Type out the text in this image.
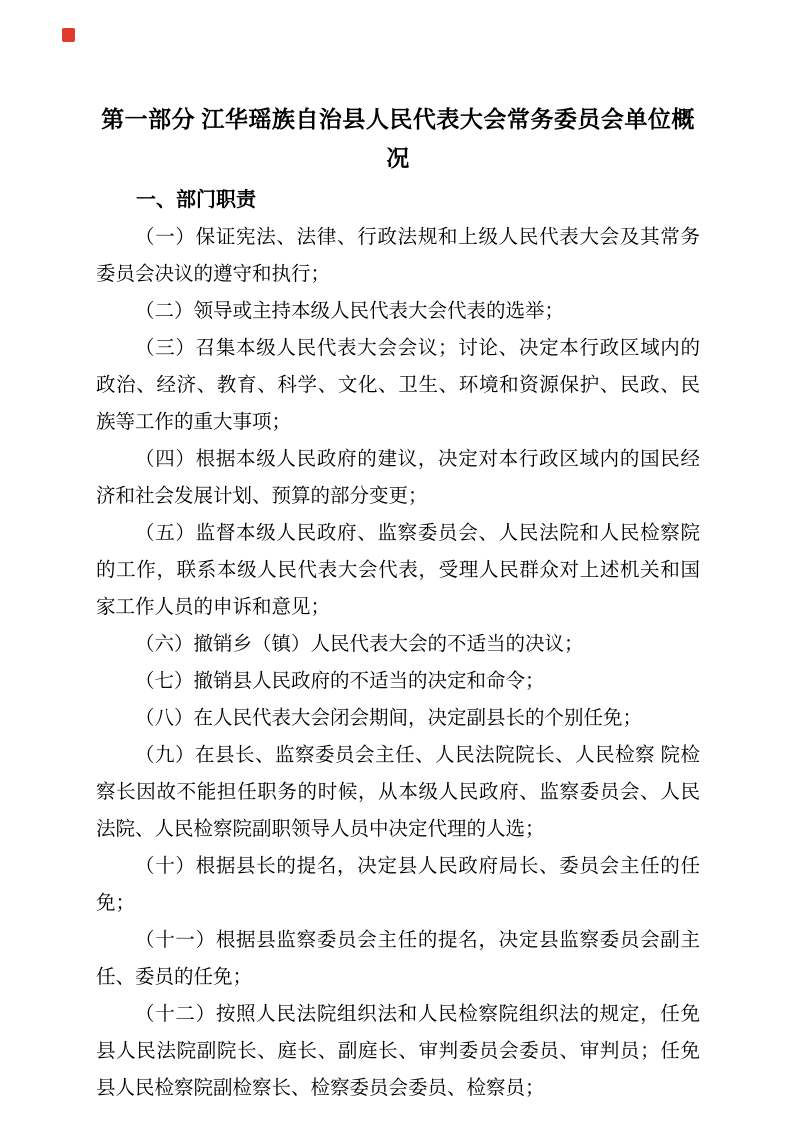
第一部分 江华瑶族自治县人民代表大会常务委员会单位概况
一、部门职责

（一）保证宪法、法律、行政法规和上级人民代表大会及其常务委员会决议的遵守和执行；

（二）领导或主持本级人民代表大会代表的选举；

（三）召集本级人民代表大会会议；讨论、决定本行政区域内的政治、经济、教育、科学、文化、卫生、环境和资源保护、民政、民族等工作的重大事项；

（四）根据本级人民政府的建议，决定对本行政区域内的国民经济和社会发展计划、预算的部分变更；

（五）监督本级人民政府、监察委员会、人民法院和人民检察院的工作，联系本级人民代表大会代表，受理人民群众对上述机关和国家工作人员的申诉和意见；

（六）撤销乡（镇）人民代表大会的不适当的决议；

（七）撤销县人民政府的不适当的决定和命令；

（八）在人民代表大会闭会期间，决定副县长的个别任免；

（九）在县长、监察委员会主任、人民法院院长、人民检察 院检察长因故不能担任职务的时候，从本级人民政府、监察委员会、人民法院、人民检察院副职领导人员中决定代理的人选；

（十）根据县长的提名，决定县人民政府局长、委员会主任的任免；

（十一）根据县监察委员会主任的提名，决定县监察委员会副主任、委员的任免；

（十二）按照人民法院组织法和人民检察院组织法的规定，任免县人民法院副院长、庭长、副庭长、审判委员会委员、审判员；任免县人民检察院副检察长、检察委员会委员、检察员；
